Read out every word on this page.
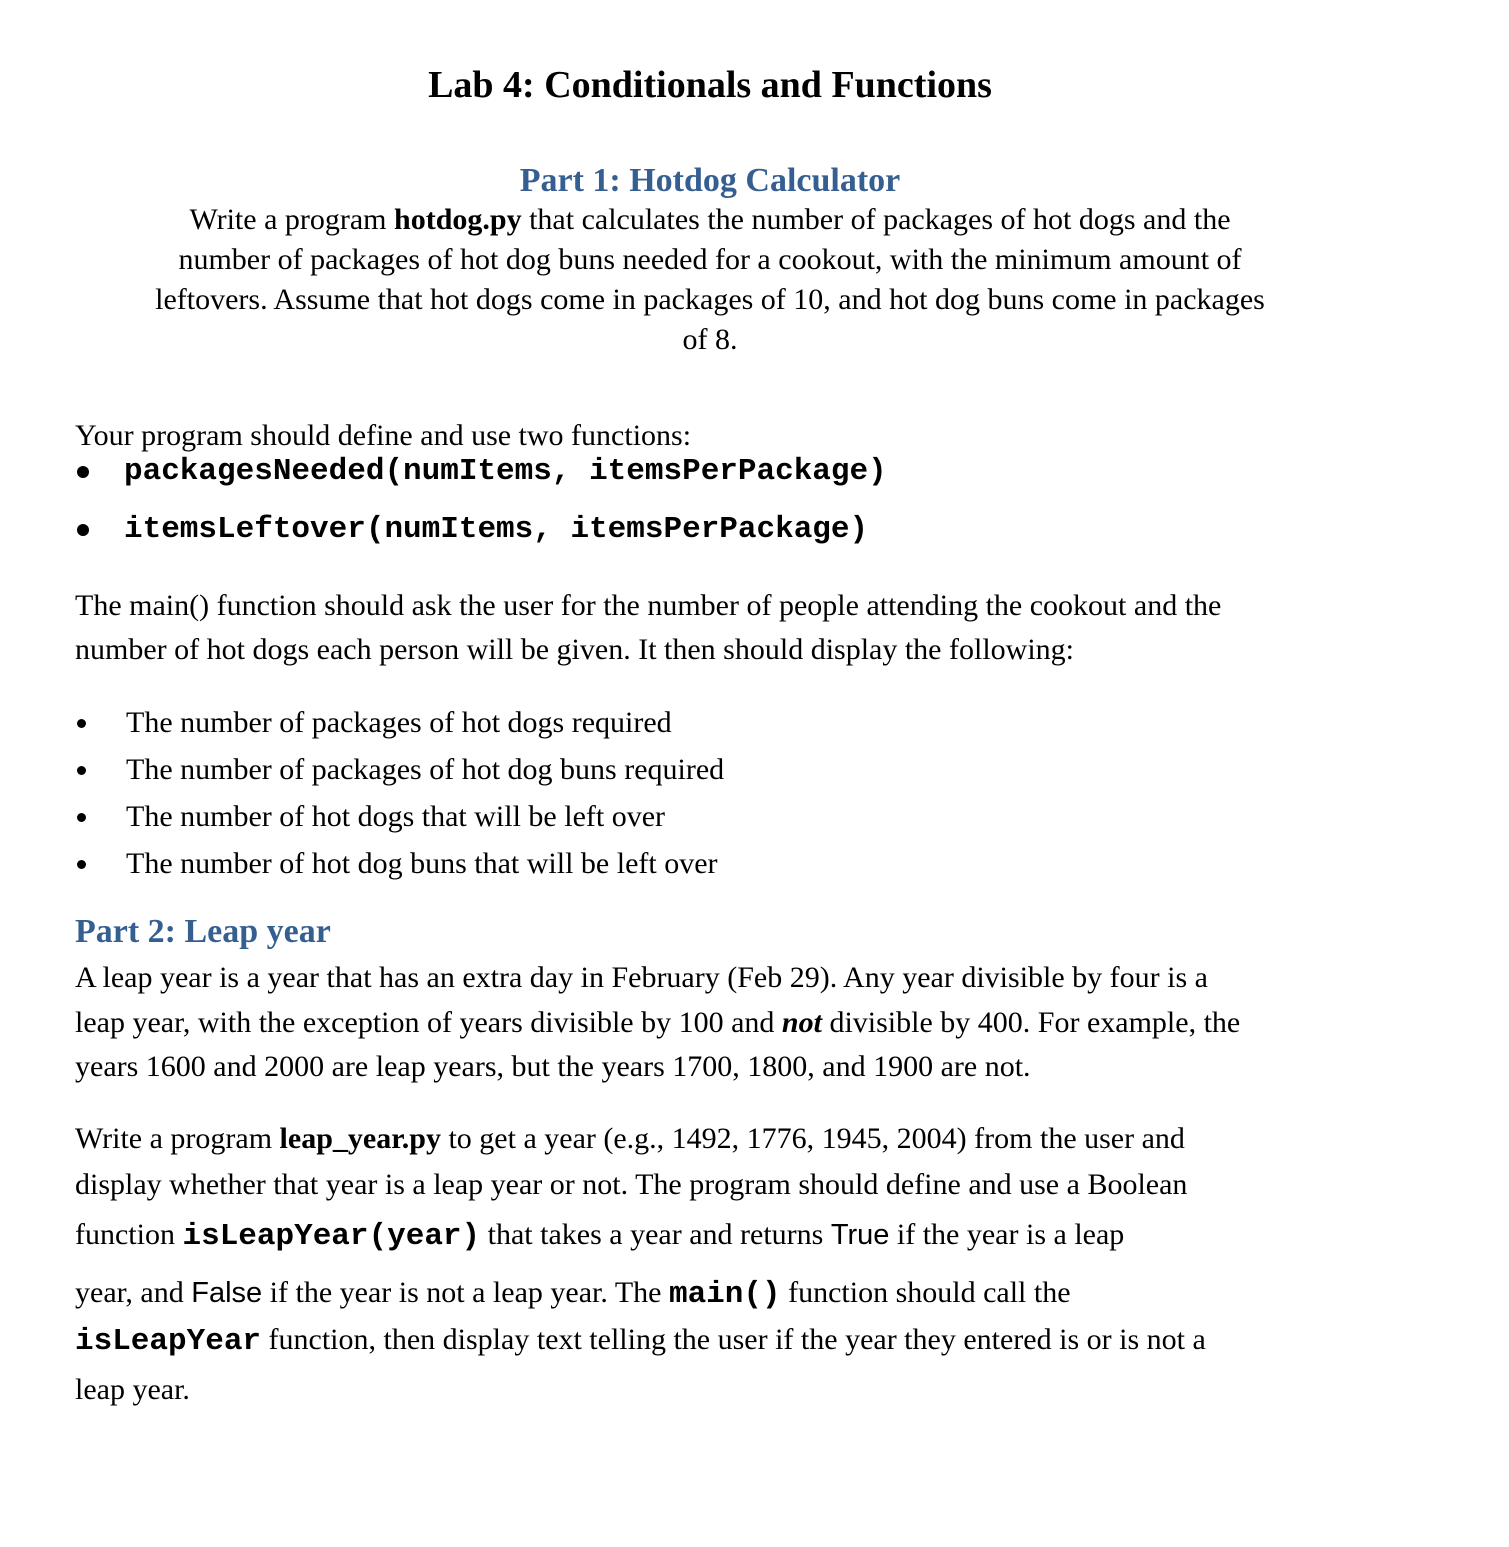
Lab 4: Conditionals and Functions
Part 1: Hotdog Calculator
Write a program hotdog.py that calculates the number of packages of hot dogs and the
number of packages of hot dog buns needed for a cookout, with the minimum amount of
leftovers. Assume that hot dogs come in packages of 10, and hot dog buns come in packages
of 8.
Your program should define and use two functions:
packagesNeeded(numItems, itemsPerPackage)
itemsLeftover(numItems, itemsPerPackage)
The main() function should ask the user for the number of people attending the cookout and the
number of hot dogs each person will be given. It then should display the following:
The number of packages of hot dogs required
The number of packages of hot dog buns required
The number of hot dogs that will be left over
The number of hot dog buns that will be left over
Part 2: Leap year
A leap year is a year that has an extra day in February (Feb 29). Any year divisible by four is a
leap year, with the exception of years divisible by 100 and not divisible by 400. For example, the
years 1600 and 2000 are leap years, but the years 1700, 1800, and 1900 are not.
Write a program leap_year.py to get a year (e.g., 1492, 1776, 1945, 2004) from the user and
display whether that year is a leap year or not. The program should define and use a Boolean
function isLeapYear(year) that takes a year and returns True if the year is a leap
year, and False if the year is not a leap year. The main() function should call the
isLeapYear function, then display text telling the user if the year they entered is or is not a
leap year.
